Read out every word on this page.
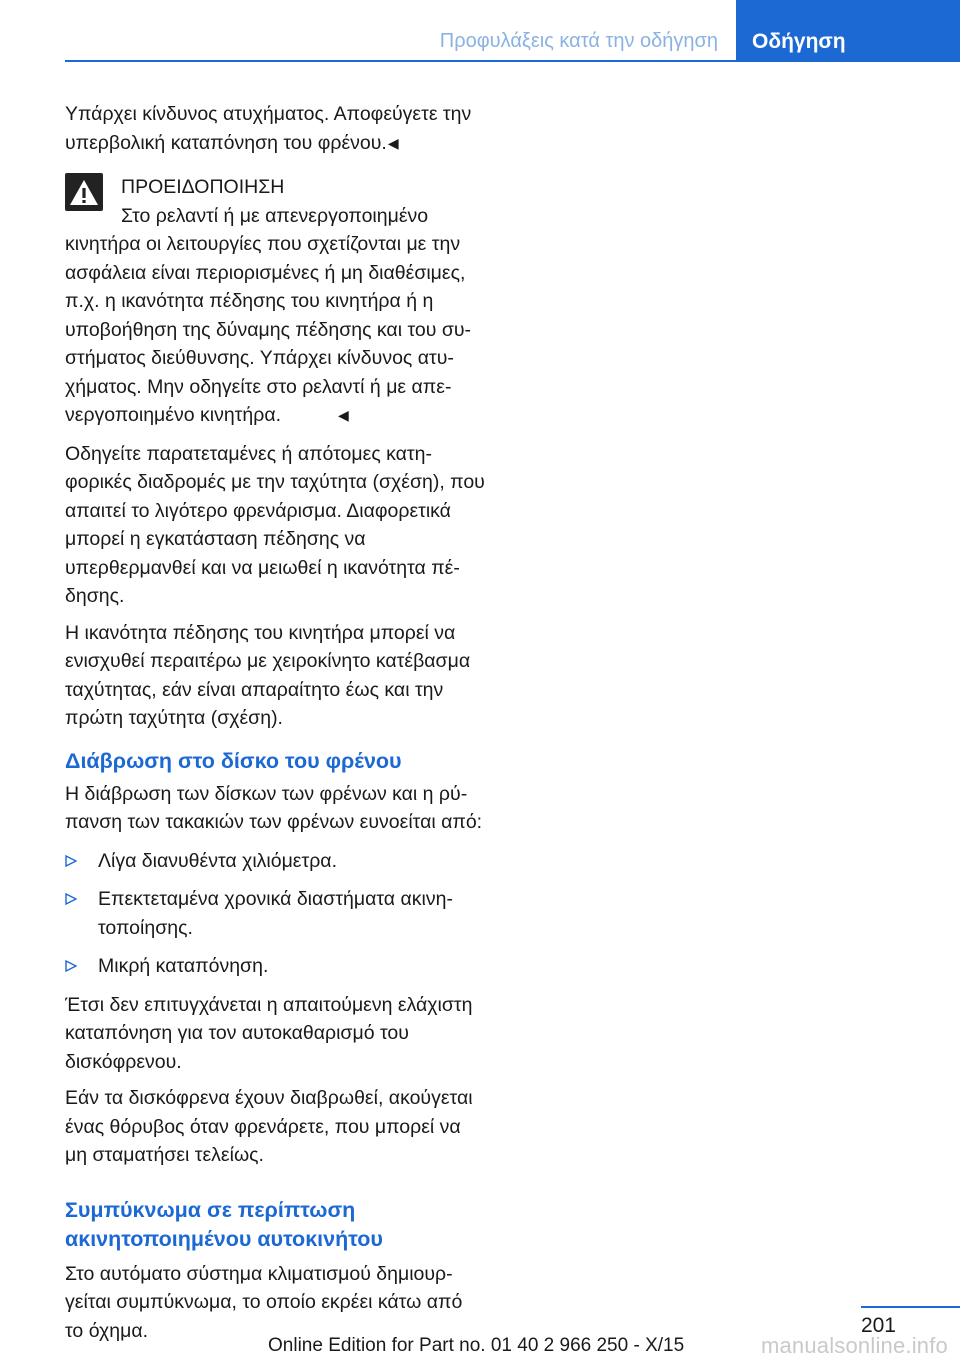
Προφυλάξεις κατά την οδήγηση Οδήγηση

Υπάρχει κίνδυνος ατυχήματος. Αποφεύγετε την υπερβολική καταπόνηση του φρένου.◀

ΠΡΟΕΙΔΟΠΟΙΗΣΗ

Στο ρελαντί ή με απενεργοποιημένο κινητήρα οι λειτουργίες που σχετίζονται με την ασφάλεια είναι περιορισμένες ή μη διαθέσιμες, π.χ. η ικανότητα πέδησης του κινητήρα ή η υποβοήθηση της δύναμης πέδησης και του συστήματος διεύθυνσης. Υπάρχει κίνδυνος ατυχήματος. Μην οδηγείτε στο ρελαντί ή με απενεργοποιημένο κινητήρα.	◀

Οδηγείτε παρατεταμένες ή απότομες κατηφορικές διαδρομές με την ταχύτητα (σχέση), που απαιτεί το λιγότερο φρενάρισμα. Διαφορετικά μπορεί η εγκατάσταση πέδησης να υπερθερμανθεί και να μειωθεί η ικανότητα πέδησης.

Η ικανότητα πέδησης του κινητήρα μπορεί να ενισχυθεί περαιτέρω με χειροκίνητο κατέβασμα ταχύτητας, εάν είναι απαραίτητο έως και την πρώτη ταχύτητα (σχέση).

Διάβρωση στο δίσκο του φρένου

Η διάβρωση των δίσκων των φρένων και η ρύπανση των τακακιών των φρένων ευνοείται από:

Λίγα διανυθέντα χιλιόμετρα.
Επεκτεταμένα χρονικά διαστήματα ακινητοποίησης.
Μικρή καταπόνηση.

Έτσι δεν επιτυγχάνεται η απαιτούμενη ελάχιστη καταπόνηση για τον αυτοκαθαρισμό του δισκόφρενου.

Εάν τα δισκόφρενα έχουν διαβρωθεί, ακούγεται ένας θόρυβος όταν φρενάρετε, που μπορεί να μη σταματήσει τελείως.

Συμπύκνωμα σε περίπτωση ακινητοποιημένου αυτοκινήτου

Στο αυτόματο σύστημα κλιματισμού δημιουργείται συμπύκνωμα, το οποίο εκρέει κάτω από το όχημα.	201
Online Edition for Part no. 01 40 2 966 250 - X/15	manualsonline.info
